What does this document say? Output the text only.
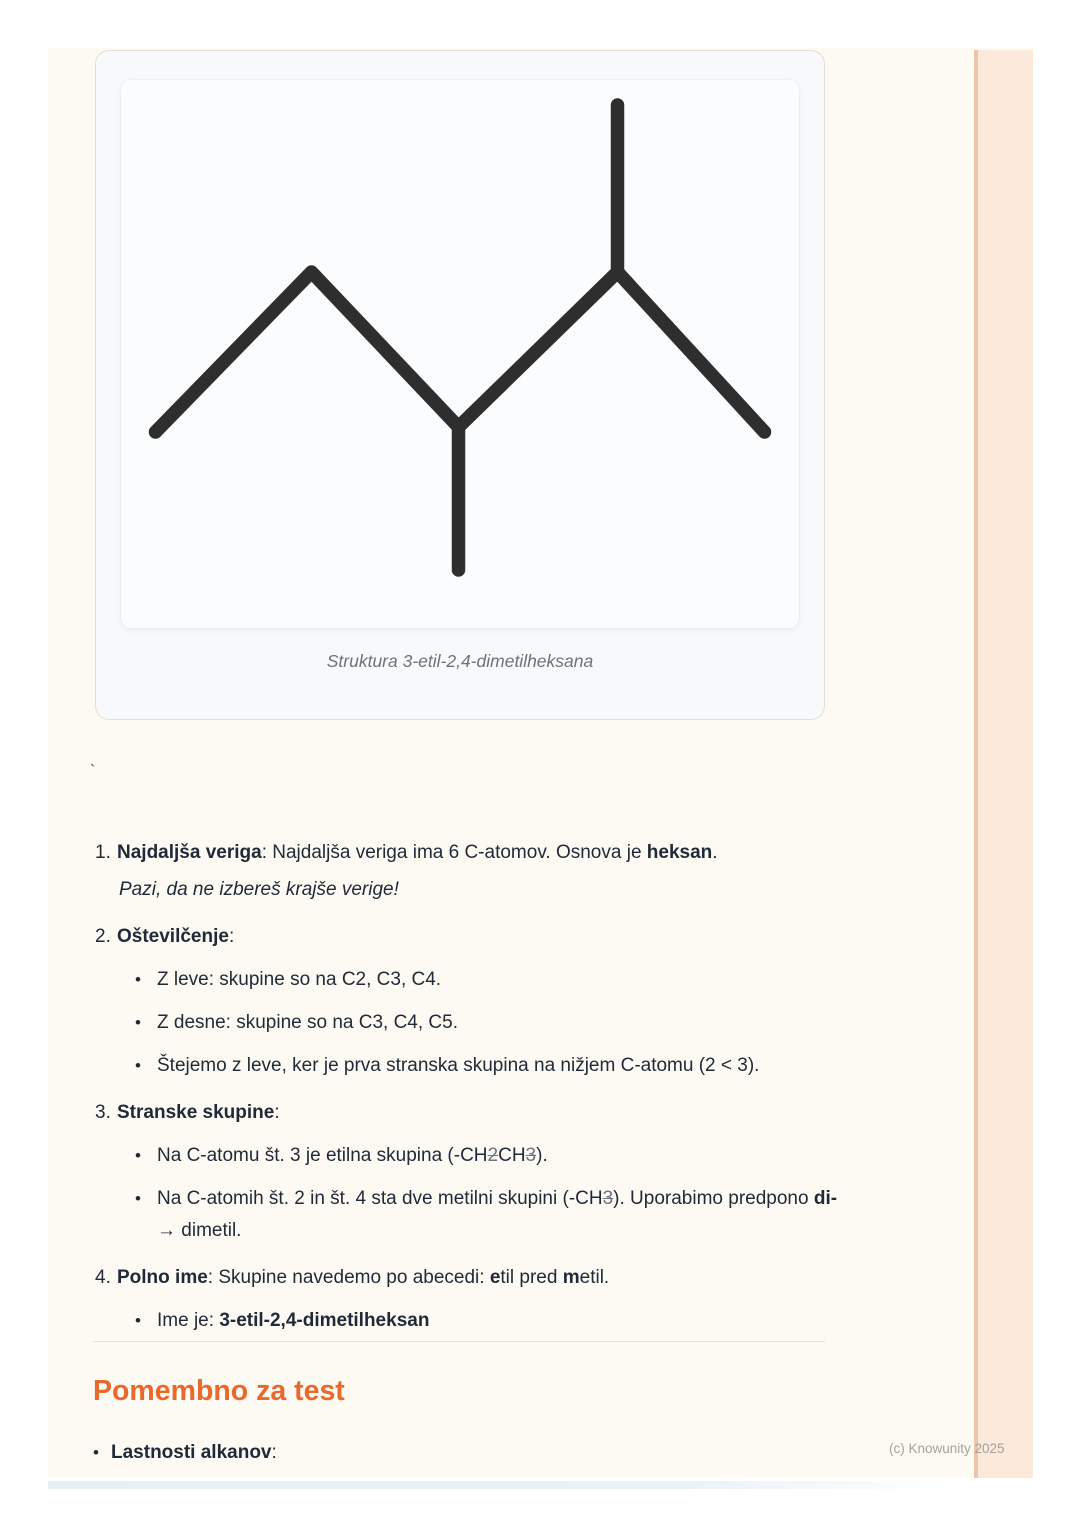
Struktura 3-etil-2,4-dimetilheksana
`
1. Najdaljša veriga: Najdaljša veriga ima 6 C-atomov. Osnova je heksan.
Pazi, da ne izbereš krajše verige!
2. Oštevilčenje:
• Z leve: skupine so na C2, C3, C4.
• Z desne: skupine so na C3, C4, C5.
• Štejemo z leve, ker je prva stranska skupina na nižjem C-atomu (2 < 3).
3. Stranske skupine:
• Na C-atomu št. 3 je etilna skupina (-CH2CH3).
• Na C-atomih št. 2 in št. 4 sta dve metilni skupini (-CH3). Uporabimo predpono di- → dimetil.
4. Polno ime: Skupine navedemo po abecedi: etil pred metil.
• Ime je: 3-etil-2,4-dimetilheksan
Pomembno za test
• Lastnosti alkanov:	(c) Knowunity 2025
